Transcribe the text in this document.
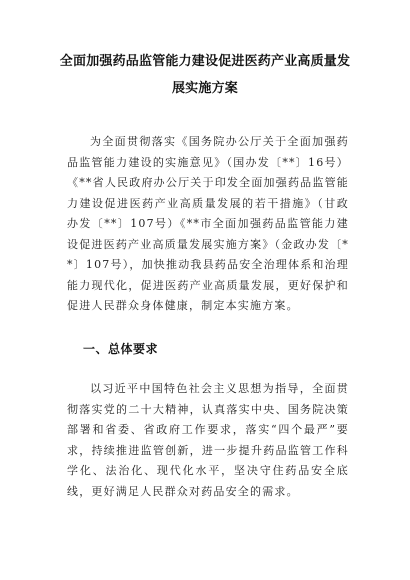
全面加强药品监管能力建设促进医药产业高质量发展实施方案

为全面贯彻落实《国务院办公厅关于全面加强药品监管能力建设的实施意见》（国办发〔**〕16号）《**省人民政府办公厅关于印发全面加强药品监管能力建设促进医药产业高质量发展的若干措施》（甘政办发〔**〕107号）《**市全面加强药品监管能力建设促进医药产业高质量发展实施方案》（金政办发〔**〕107号），加快推动我县药品安全治理体系和治理能力现代化，促进医药产业高质量发展，更好保护和促进人民群众身体健康，制定本实施方案。

一、总体要求

以习近平中国特色社会主义思想为指导，全面贯彻落实党的二十大精神，认真落实中央、国务院决策部署和省委、省政府工作要求，落实“四个最严”要求，持续推进监管创新，进一步提升药品监管工作科学化、法治化、现代化水平，坚决守住药品安全底线，更好满足人民群众对药品安全的需求。
